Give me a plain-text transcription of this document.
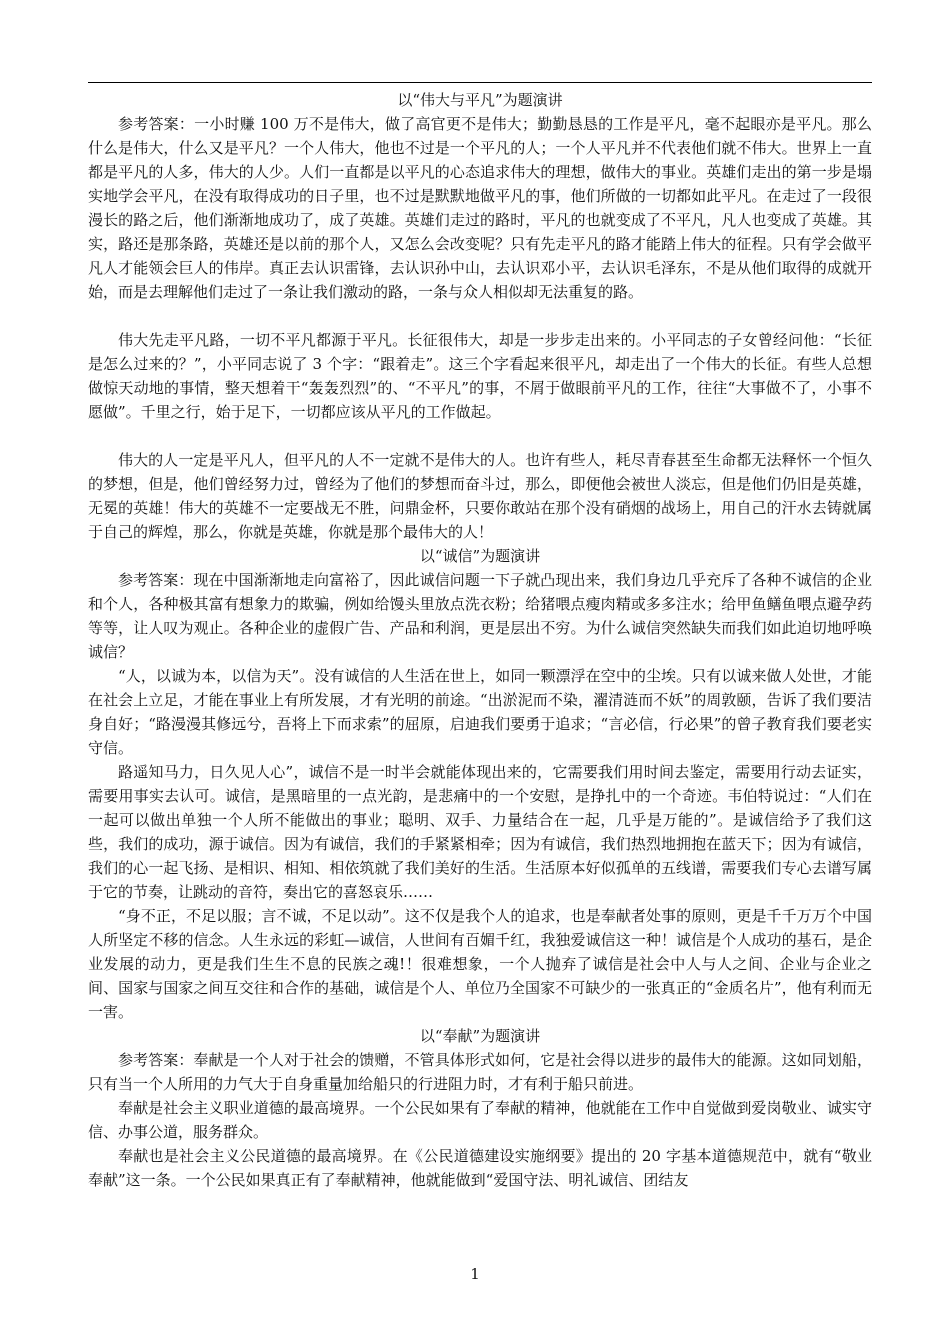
以“伟大与平凡”为题演讲

参考答案：一小时赚 100 万不是伟大，做了高官更不是伟大；勤勤恳恳的工作是平凡，毫不起眼亦是平凡。那么什么是伟大，什么又是平凡？一个人伟大，他也不过是一个平凡的人；一个人平凡并不代表他们就不伟大。世界上一直都是平凡的人多，伟大的人少。人们一直都是以平凡的心态追求伟大的理想，做伟大的事业。英雄们走出的第一步是塌实地学会平凡，在没有取得成功的日子里，也不过是默默地做平凡的事，他们所做的一切都如此平凡。在走过了一段很漫长的路之后，他们渐渐地成功了，成了英雄。英雄们走过的路时，平凡的也就变成了不平凡，凡人也变成了英雄。其实，路还是那条路，英雄还是以前的那个人，又怎么会改变呢？只有先走平凡的路才能踏上伟大的征程。只有学会做平凡人才能领会巨人的伟岸。真正去认识雷锋，去认识孙中山，去认识邓小平，去认识毛泽东，不是从他们取得的成就开始，而是去理解他们走过了一条让我们激动的路，一条与众人相似却无法重复的路。

伟大先走平凡路，一切不平凡都源于平凡。长征很伟大，却是一步步走出来的。小平同志的子女曾经问他：“长征是怎么过来的？”，小平同志说了 3 个字：“跟着走”。这三个字看起来很平凡，却走出了一个伟大的长征。有些人总想做惊天动地的事情，整天想着干“轰轰烈烈”的、“不平凡”的事，不屑于做眼前平凡的工作，往往“大事做不了，小事不愿做”。千里之行，始于足下，一切都应该从平凡的工作做起。

伟大的人一定是平凡人，但平凡的人不一定就不是伟大的人。也许有些人，耗尽青春甚至生命都无法释怀一个恒久的梦想，但是，他们曾经努力过，曾经为了他们的梦想而奋斗过，那么，即便他会被世人淡忘，但是他们仍旧是英雄，无冕的英雄！伟大的英雄不一定要战无不胜，问鼎金杯，只要你敢站在那个没有硝烟的战场上，用自己的汗水去铸就属于自己的辉煌，那么，你就是英雄，你就是那个最伟大的人！

以“诚信”为题演讲

参考答案：现在中国渐渐地走向富裕了，因此诚信问题一下子就凸现出来，我们身边几乎充斥了各种不诚信的企业和个人，各种极其富有想象力的欺骗，例如给馒头里放点洗衣粉；给猪喂点瘦肉精或多多注水；给甲鱼鳝鱼喂点避孕药等等，让人叹为观止。各种企业的虚假广告、产品和利润，更是层出不穷。为什么诚信突然缺失而我们如此迫切地呼唤诚信？

“人，以诚为本，以信为天”。没有诚信的人生活在世上，如同一颗漂浮在空中的尘埃。只有以诚来做人处世，才能在社会上立足，才能在事业上有所发展，才有光明的前途。“出淤泥而不染，濯清涟而不妖”的周敦颐，告诉了我们要洁身自好；“路漫漫其修远兮，吾将上下而求索”的屈原，启迪我们要勇于追求；“言必信，行必果”的曾子教育我们要老实守信。

路遥知马力，日久见人心”，诚信不是一时半会就能体现出来的，它需要我们用时间去鉴定，需要用行动去证实，需要用事实去认可。诚信，是黑暗里的一点光韵，是悲痛中的一个安慰，是挣扎中的一个奇迹。韦伯特说过：“人们在一起可以做出单独一个人所不能做出的事业；聪明、双手、力量结合在一起，几乎是万能的”。是诚信给予了我们这些，我们的成功，源于诚信。因为有诚信，我们的手紧紧相牵；因为有诚信，我们热烈地拥抱在蓝天下；因为有诚信，我们的心一起飞扬、是相识、相知、相依筑就了我们美好的生活。生活原本好似孤单的五线谱，需要我们专心去谱写属于它的节奏，让跳动的音符，奏出它的喜怒哀乐……

“身不正，不足以服；言不诚，不足以动”。这不仅是我个人的追求，也是奉献者处事的原则，更是千千万万个中国人所坚定不移的信念。人生永远的彩虹—诚信，人世间有百媚千红，我独爱诚信这一种！诚信是个人成功的基石，是企业发展的动力，更是我们生生不息的民族之魂!！很难想象，一个人抛弃了诚信是社会中人与人之间、企业与企业之间、国家与国家之间互交往和合作的基础，诚信是个人、单位乃全国家不可缺少的一张真正的“金质名片”，他有利而无一害。

以“奉献”为题演讲

参考答案：奉献是一个人对于社会的馈赠，不管具体形式如何，它是社会得以进步的最伟大的能源。这如同划船，只有当一个人所用的力气大于自身重量加给船只的行进阻力时，才有利于船只前进。

奉献是社会主义职业道德的最高境界。一个公民如果有了奉献的精神，他就能在工作中自觉做到爱岗敬业、诚实守信、办事公道，服务群众。

奉献也是社会主义公民道德的最高境界。在《公民道德建设实施纲要》提出的 20 字基本道德规范中，就有“敬业奉献”这一条。一个公民如果真正有了奉献精神，他就能做到“爱国守法、明礼诚信、团结友

1
